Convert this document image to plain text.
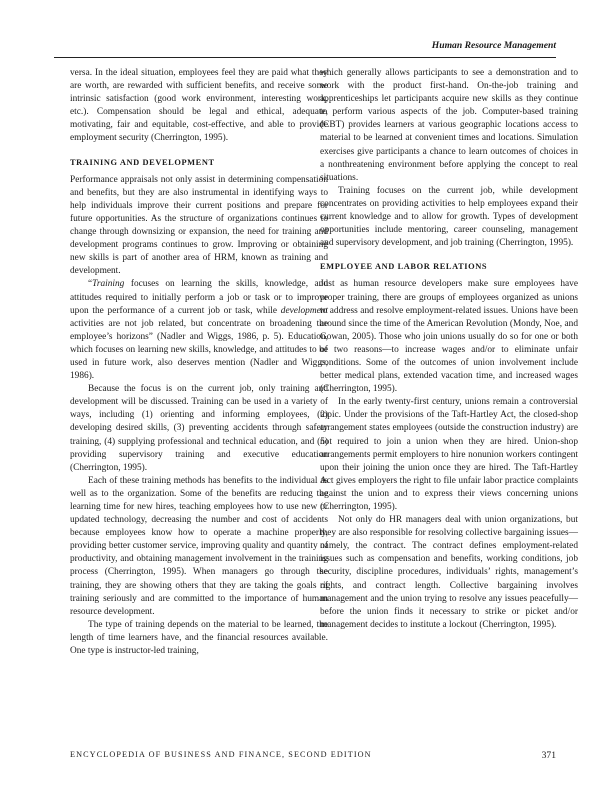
Human Resource Management

versa. In the ideal situation, employees feel they are paid what they are worth, are rewarded with sufficient benefits, and receive some intrinsic satisfaction (good work environment, interesting work, etc.). Compensation should be legal and ethical, adequate, motivating, fair and equitable, cost-effective, and able to provide employment security (Cherrington, 1995).

TRAINING AND DEVELOPMENT

Performance appraisals not only assist in determining compensation and benefits, but they are also instrumental in identifying ways to help individuals improve their current positions and prepare for future opportunities. As the structure of organizations continues to change through downsizing or expansion, the need for training and development programs continues to grow. Improving or obtaining new skills is part of another area of HRM, known as training and development.

“Training focuses on learning the skills, knowledge, and attitudes required to initially perform a job or task or to improve upon the performance of a current job or task, while development activities are not job related, but concentrate on broadening the employee’s horizons” (Nadler and Wiggs, 1986, p. 5). Education, which focuses on learning new skills, knowledge, and attitudes to be used in future work, also deserves mention (Nadler and Wiggs, 1986).

Because the focus is on the current job, only training and development will be discussed. Training can be used in a variety of ways, including (1) orienting and informing employees, (2) developing desired skills, (3) preventing accidents through safety training, (4) supplying professional and technical education, and (5) providing supervisory training and executive education (Cherrington, 1995).

Each of these training methods has benefits to the individual as well as to the organization. Some of the benefits are reducing the learning time for new hires, teaching employees how to use new or updated technology, decreasing the number and cost of accidents because employees know how to operate a machine properly, providing better customer service, improving quality and quantity of productivity, and obtaining management involvement in the training process (Cherrington, 1995). When managers go through the training, they are showing others that they are taking the goals of training seriously and are committed to the importance of human resource development.

The type of training depends on the material to be learned, the length of time learners have, and the financial resources available. One type is instructor-led training,

which generally allows participants to see a demonstration and to work with the product first-hand. On-the-job training and apprenticeships let participants acquire new skills as they continue to perform various aspects of the job. Computer-based training (CBT) provides learners at various geographic locations access to material to be learned at convenient times and locations. Simulation exercises give participants a chance to learn outcomes of choices in a nonthreatening environment before applying the concept to real situations.

Training focuses on the current job, while development concentrates on providing activities to help employees expand their current knowledge and to allow for growth. Types of development opportunities include mentoring, career counseling, management and supervisory development, and job training (Cherrington, 1995).

EMPLOYEE AND LABOR RELATIONS

Just as human resource developers make sure employees have proper training, there are groups of employees organized as unions to address and resolve employment-related issues. Unions have been around since the time of the American Revolution (Mondy, Noe, and Gowan, 2005). Those who join unions usually do so for one or both of two reasons—to increase wages and/or to eliminate unfair conditions. Some of the outcomes of union involvement include better medical plans, extended vacation time, and increased wages (Cherrington, 1995).

In the early twenty-first century, unions remain a controversial topic. Under the provisions of the Taft-Hartley Act, the closed-shop arrangement states employees (outside the construction industry) are not required to join a union when they are hired. Union-shop arrangements permit employers to hire nonunion workers contingent upon their joining the union once they are hired. The Taft-Hartley Act gives employers the right to file unfair labor practice complaints against the union and to express their views concerning unions (Cherrington, 1995).

Not only do HR managers deal with union organizations, but they are also responsible for resolving collective bargaining issues—namely, the contract. The contract defines employment-related issues such as compensation and benefits, working conditions, job security, discipline procedures, individuals’ rights, management’s rights, and contract length. Collective bargaining involves management and the union trying to resolve any issues peacefully—before the union finds it necessary to strike or picket and/or management decides to institute a lockout (Cherrington, 1995).

ENCYCLOPEDIA OF BUSINESS AND FINANCE, SECOND EDITION	371
